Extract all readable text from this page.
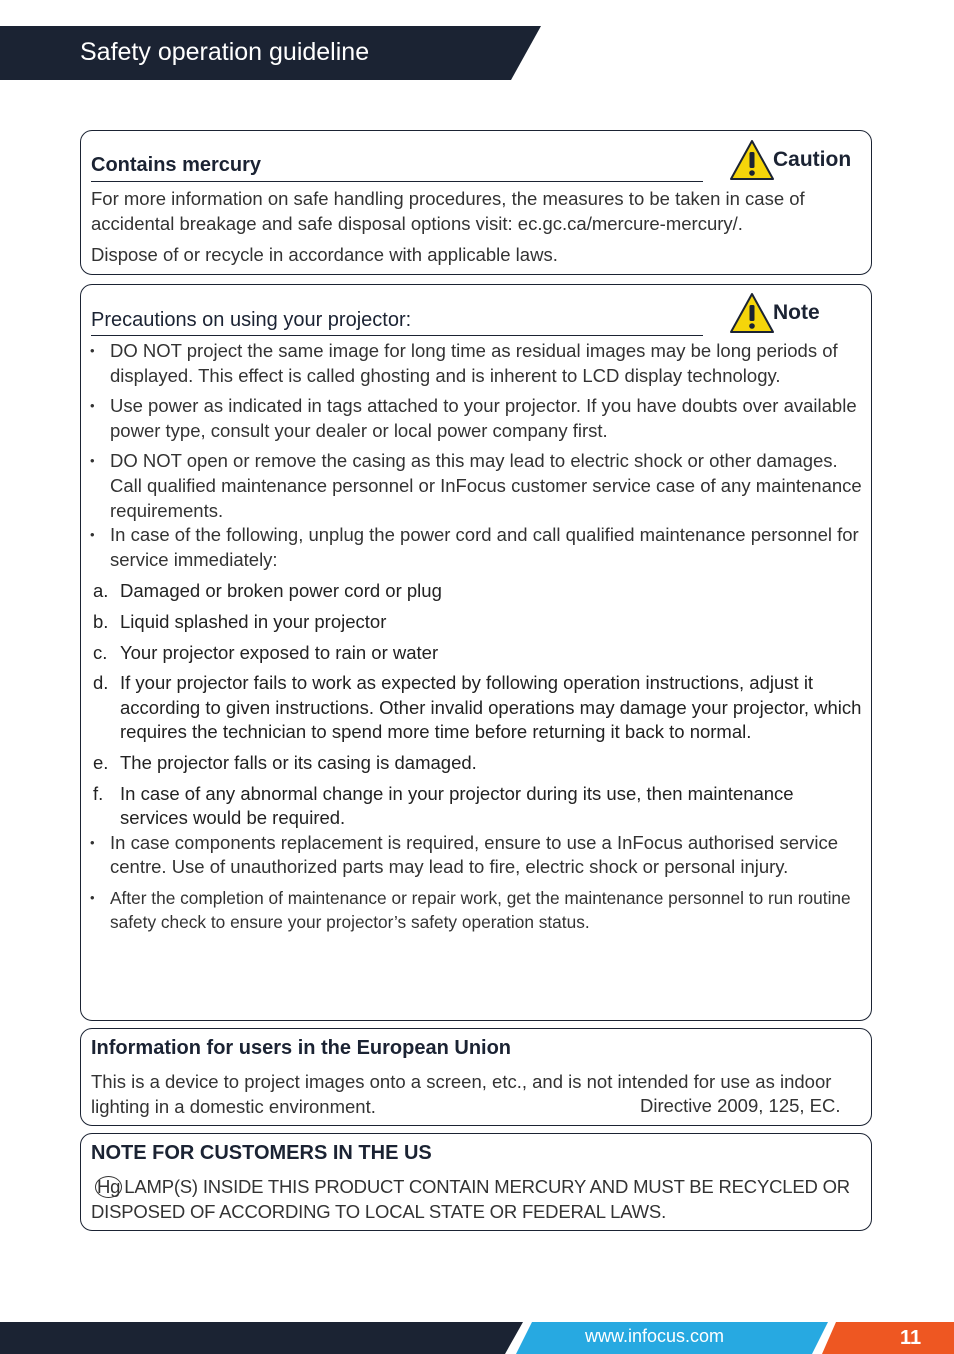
Safety operation guideline
Contains mercury	Caution
For more information on safe handling procedures, the measures to be taken in case of accidental breakage and safe disposal options visit: ec.gc.ca/mercure-mercury/.
Dispose of or recycle in accordance with applicable laws.
Precautions on using your projector:	Note
• DO NOT project the same image for long time as residual images may be long periods of displayed. This effect is called ghosting and is inherent to LCD display technology.
• Use power as indicated in tags attached to your projector. If you have doubts over available power type, consult your dealer or local power company first.
• DO NOT open or remove the casing as this may lead to electric shock or other damages. Call qualified maintenance personnel or InFocus customer service case of any maintenance requirements.
• In case of the following, unplug the power cord and call qualified maintenance personnel for service immediately:
a. Damaged or broken power cord or plug
b. Liquid splashed in your projector
c. Your projector exposed to rain or water
d. If your projector fails to work as expected by following operation instructions, adjust it according to given instructions. Other invalid operations may damage your projector, which requires the technician to spend more time before returning it back to normal.
e. The projector falls or its casing is damaged.
f. In case of any abnormal change in your projector during its use, then maintenance services would be required.
• In case components replacement is required, ensure to use a InFocus authorised service centre. Use of unauthorized parts may lead to fire, electric shock or personal injury.
• After the completion of maintenance or repair work, get the maintenance personnel to run routine safety check to ensure your projector’s safety operation status.
Information for users in the European Union
This is a device to project images onto a screen, etc., and is not intended for use as indoor lighting in a domestic environment.	Directive 2009, 125, EC.
NOTE FOR CUSTOMERS IN THE US
Hg LAMP(S) INSIDE THIS PRODUCT CONTAIN MERCURY AND MUST BE RECYCLED OR DISPOSED OF ACCORDING TO LOCAL STATE OR FEDERAL LAWS.
www.infocus.com	11
